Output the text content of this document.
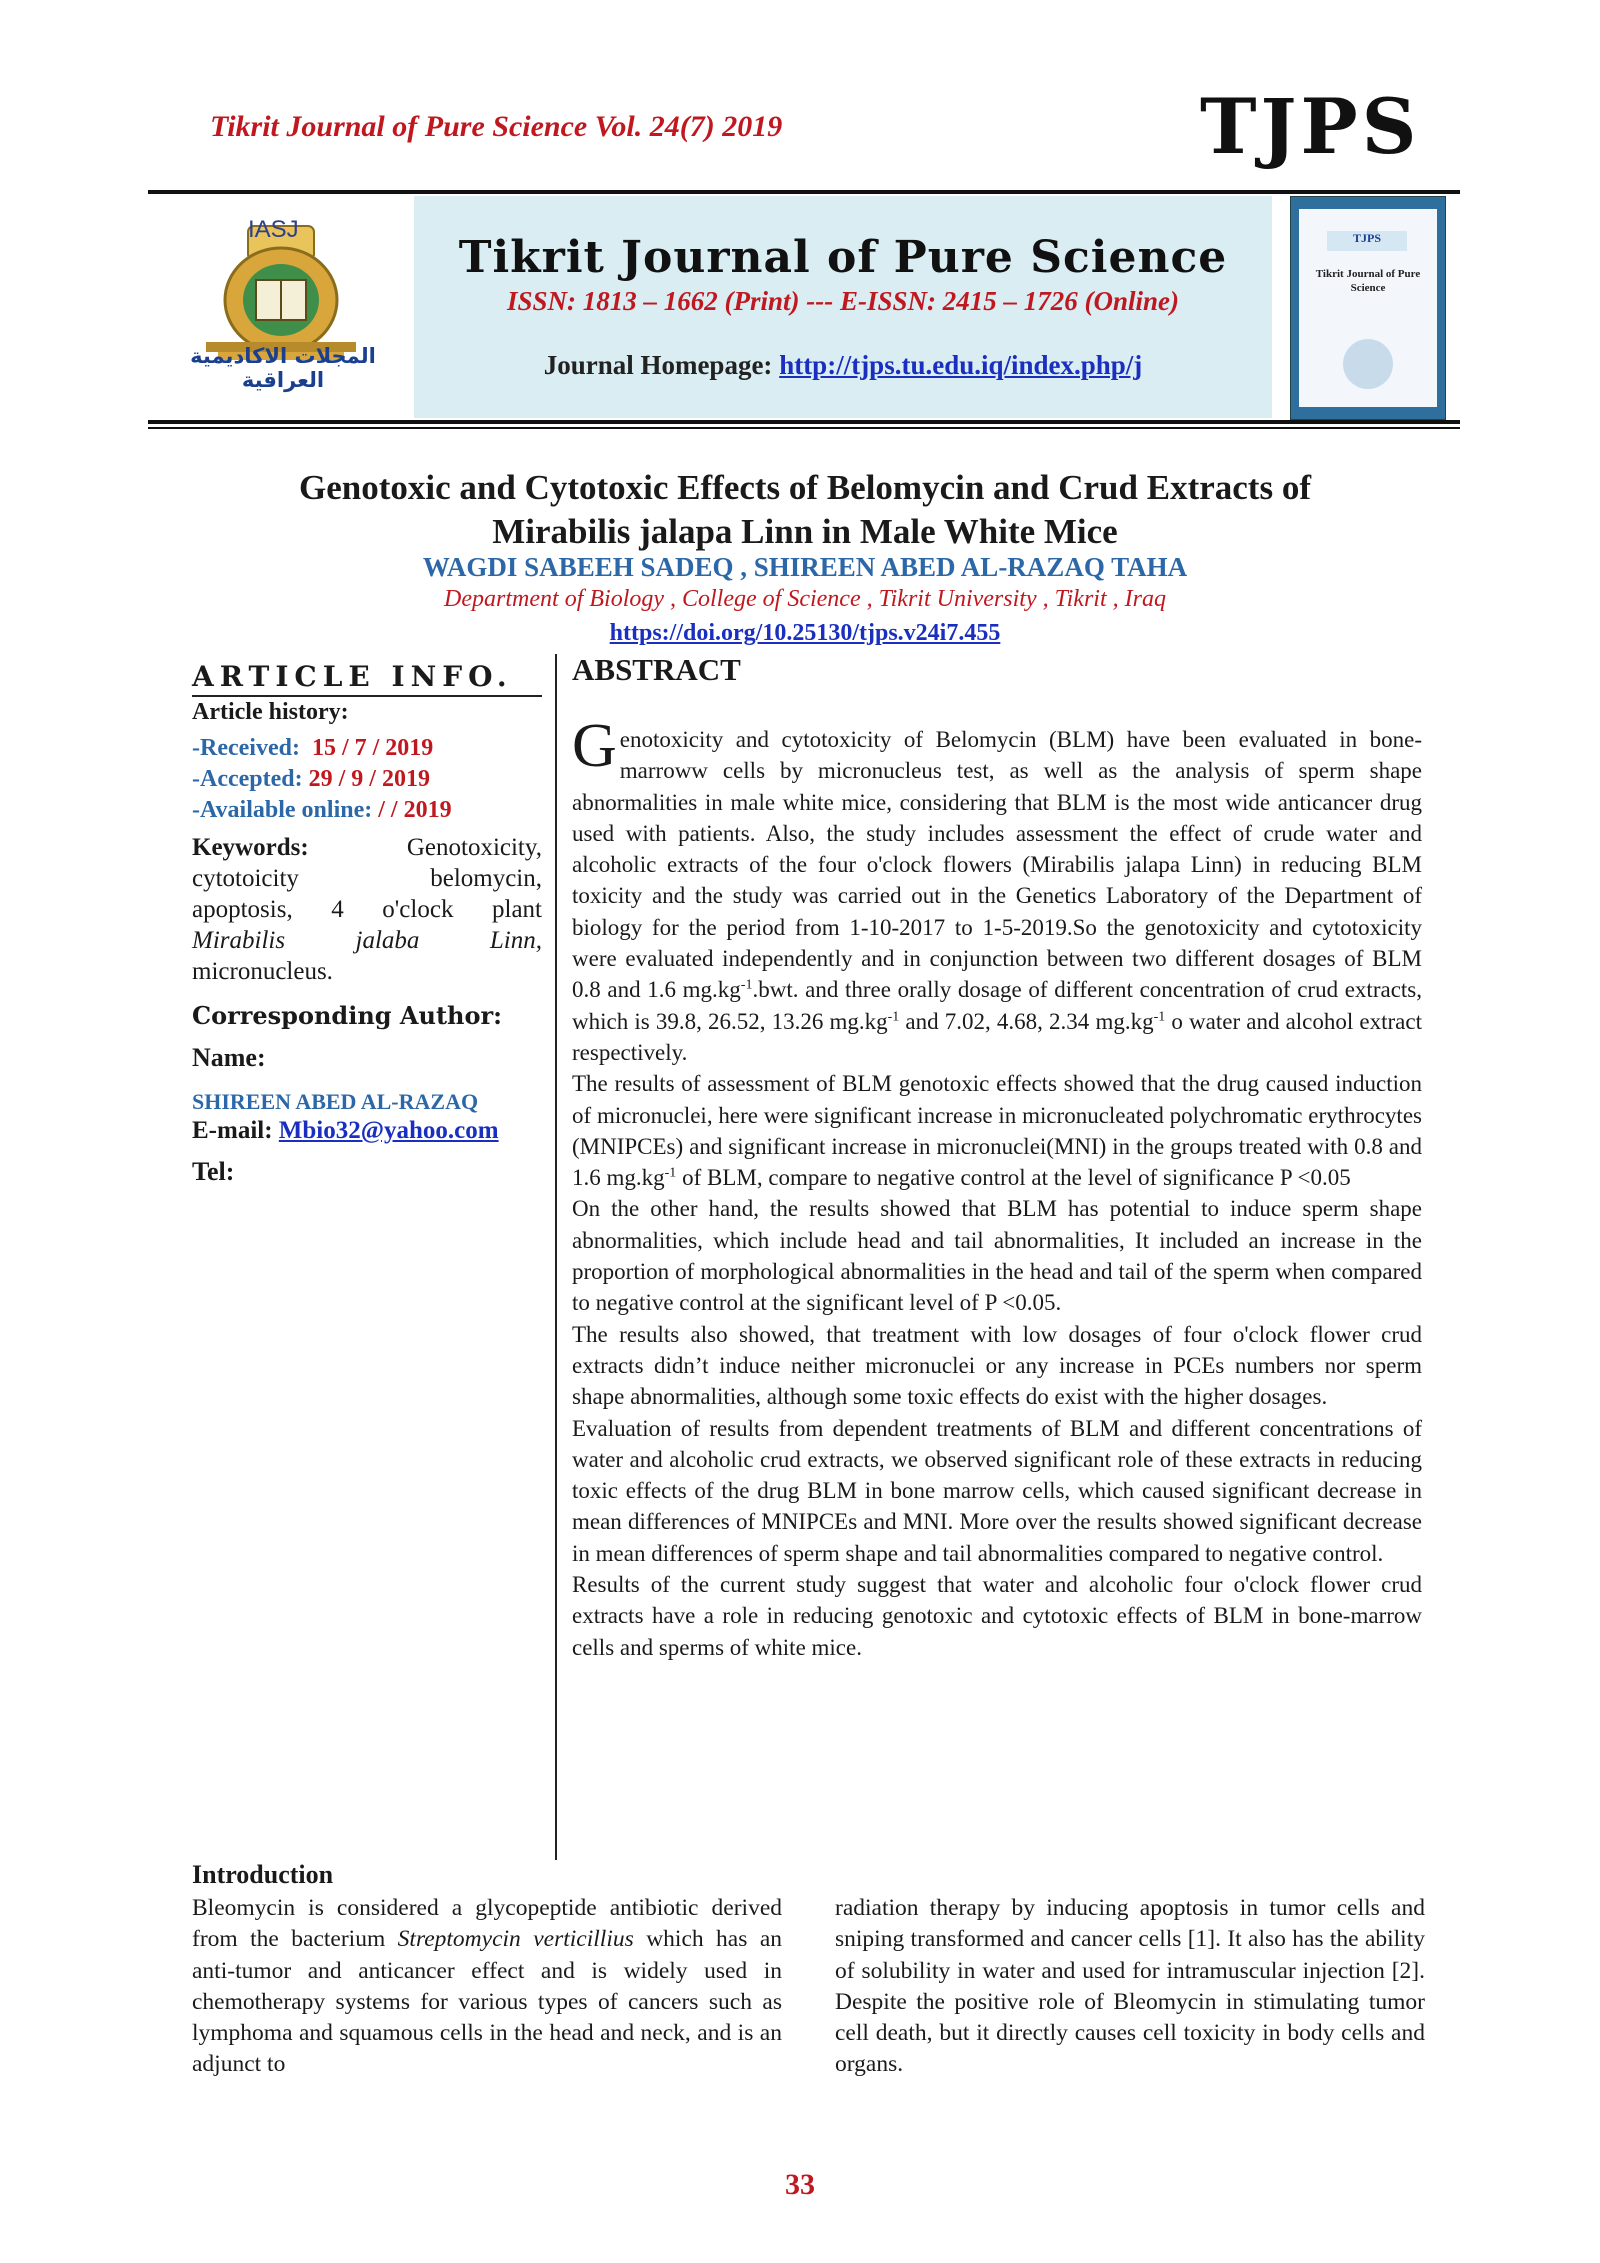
Tikrit Journal of Pure Science Vol. 24(7) 2019	TJPS
IASJ
المجلات الاكاديمية العراقية
Tikrit Journal of Pure Science
ISSN: 1813 – 1662 (Print) --- E-ISSN: 2415 – 1726 (Online)
Journal Homepage: http://tjps.tu.edu.iq/index.php/j
TJPS
Tikrit Journal of Pure Science
Genotoxic and Cytotoxic Effects of Belomycin and Crud Extracts of
Mirabilis jalapa Linn in Male White Mice
WAGDI SABEEH SADEQ , SHIREEN ABED AL-RAZAQ TAHA
Department of Biology , College of Science , Tikrit University , Tikrit , Iraq
https://doi.org/10.25130/tjps.v24i7.455
ARTICLE INFO.
Article history:
-Received: 15 / 7 / 2019
-Accepted: 29 / 9 / 2019
-Available online: / / 2019
Keywords:	Genotoxicity,
cytotoicity	belomycin,
apoptosis, 4 o'clock plant
Mirabilis	jalaba	Linn,
micronucleus.
Corresponding Author:
Name:
SHIREEN ABED AL-RAZAQ
E-mail: Mbio32@yahoo.com
Tel:
ABSTRACT

Genotoxicity and cytotoxicity of Belomycin (BLM) have been evaluated in bone-marroww cells by micronucleus test, as well as the analysis of sperm shape abnormalities in male white mice, considering that BLM is the most wide anticancer drug used with patients. Also, the study includes assessment the effect of crude water and alcoholic extracts of the four o'clock flowers (Mirabilis jalapa Linn) in reducing BLM toxicity and the study was carried out in the Genetics Laboratory of the Department of biology for the period from 1-10-2017 to 1-5-2019.So the genotoxicity and cytotoxicity were evaluated independently and in conjunction between two different dosages of BLM 0.8 and 1.6 $mg.kg^{-1}.bwt$. and three orally dosage of different concentration of crud extracts, which is 39.8, 26.52, 13.26 $mg.kg^{-1}$ and 7.02, 4.68, 2.34 $mg.kg^{-1}$ o water and alcohol extract respectively.

The results of assessment of BLM genotoxic effects showed that the drug caused induction of micronuclei, here were significant increase in micronucleated polychromatic erythrocytes (MNIPCEs) and significant increase in micronuclei(MNI) in the groups treated with 0.8 and 1.6 $mg.kg^{-1}$ of BLM, compare to negative control at the level of significance P <0.05

On the other hand, the results showed that BLM has potential to induce sperm shape abnormalities, which include head and tail abnormalities, It included an increase in the proportion of morphological abnormalities in the head and tail of the sperm when compared to negative control at the significant level of P <0.05.

The results also showed, that treatment with low dosages of four o'clock flower crud extracts didn’t induce neither micronuclei or any increase in PCEs numbers nor sperm shape abnormalities, although some toxic effects do exist with the higher dosages.

Evaluation of results from dependent treatments of BLM and different concentrations of water and alcoholic crud extracts, we observed significant role of these extracts in reducing toxic effects of the drug BLM in bone marrow cells, which caused significant decrease in mean differences of MNIPCEs and MNI. More over the results showed significant decrease in mean differences of sperm shape and tail abnormalities compared to negative control.

Results of the current study suggest that water and alcoholic four o'clock flower crud extracts have a role in reducing genotoxic and cytotoxic effects of BLM in bone-marrow cells and sperms of white mice.

Introduction

Bleomycin is considered a glycopeptide antibiotic derived from the bacterium Streptomycin verticillius which has an anti-tumor and anticancer effect and is widely used in chemotherapy systems for various types of cancers such as lymphoma and squamous cells in the head and neck, and is an adjunct to

radiation therapy by inducing apoptosis in tumor cells and sniping transformed and cancer cells [1]. It also has the ability of solubility in water and used for intramuscular injection [2]. Despite the positive role of Bleomycin in stimulating tumor cell death, but it directly causes cell toxicity in body cells and organs.

33
